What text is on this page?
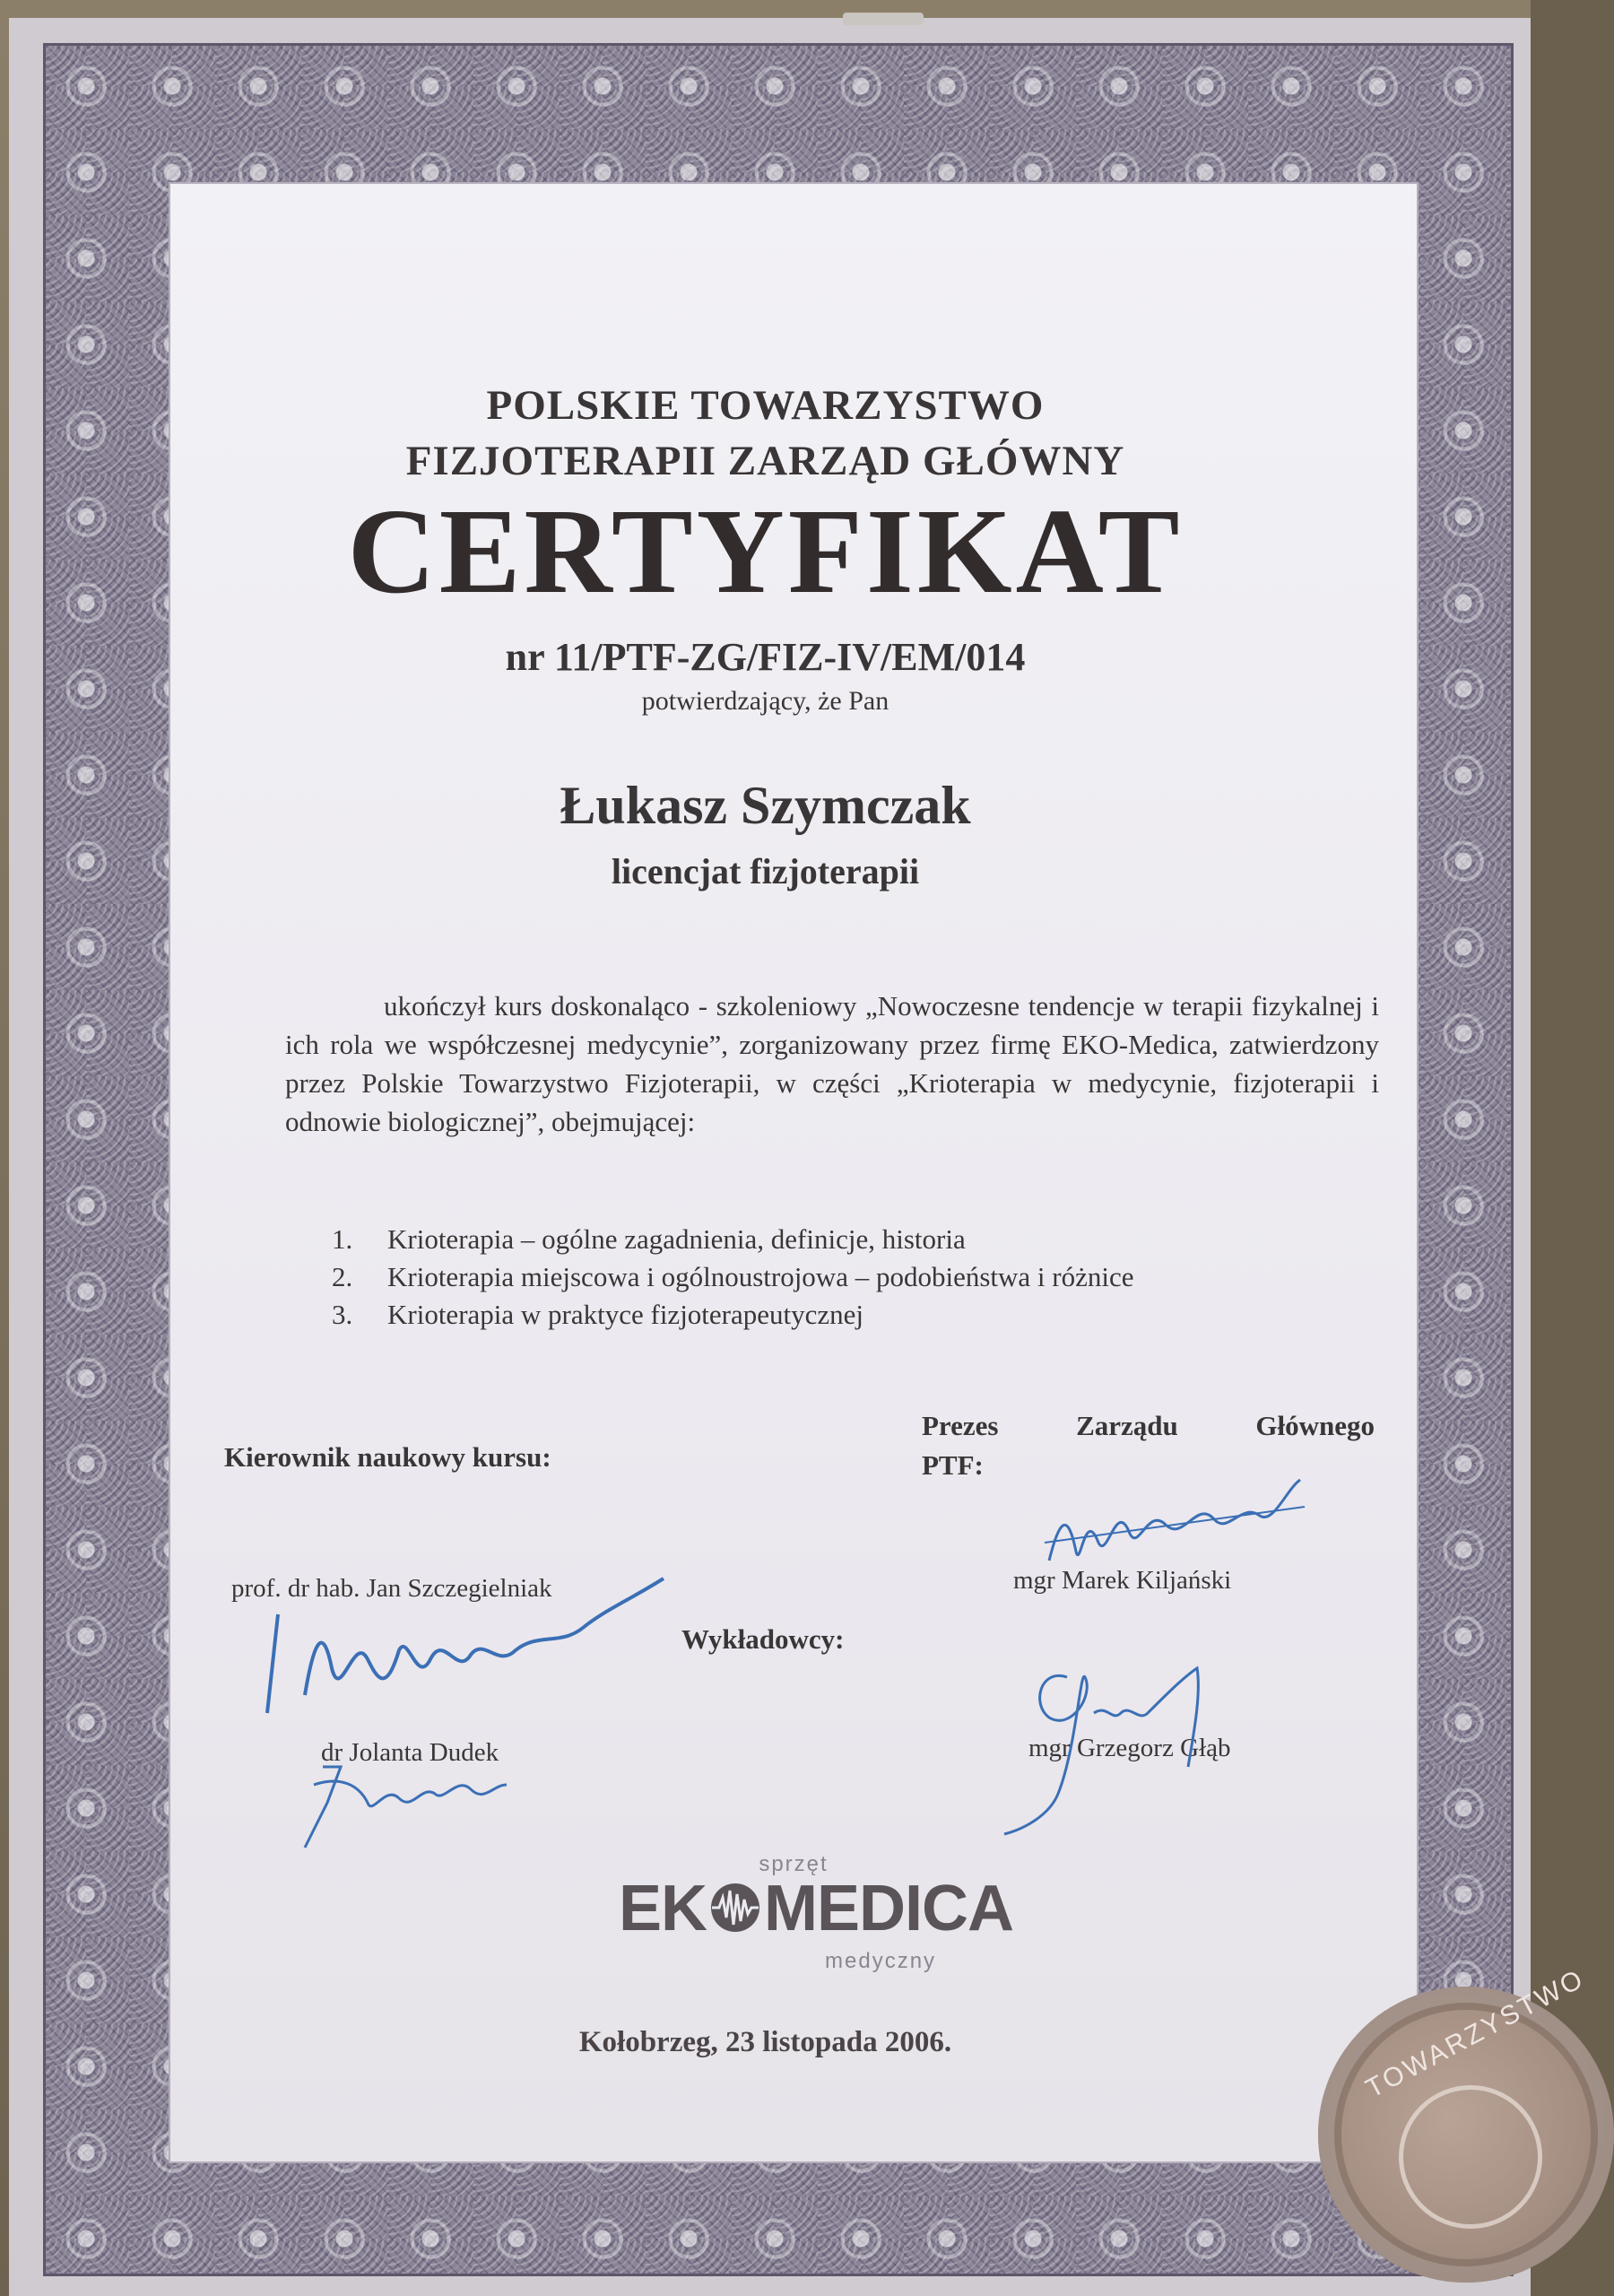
POLSKIE TOWARZYSTWO
FIZJOTERAPII ZARZĄD GŁÓWNY
CERTYFIKAT
nr 11/PTF-ZG/FIZ-IV/EM/014
potwierdzający, że Pan
Łukasz Szymczak
licencjat fizjoterapii
ukończył kurs doskonaląco - szkoleniowy „Nowoczesne tendencje w terapii fizykalnej i ich rola we współczesnej medycynie”, zorganizowany przez firmę EKO-Medica, zatwierdzony przez Polskie Towarzystwo Fizjoterapii, w części „Krioterapia w medycynie, fizjoterapii i odnowie biologicznej”, obejmującej:
1. Krioterapia – ogólne zagadnienia, definicje, historia
2. Krioterapia miejscowa i ogólnoustrojowa – podobieństwa i różnice
3. Krioterapia w praktyce fizjoterapeutycznej
Kierownik naukowy kursu:
Prezes Zarządu Głównego
PTF:
Wykładowcy:
prof. dr hab. Jan Szczegielniak	mgr Marek Kiljański
dr Jolanta Dudek	mgr Grzegorz Głąb
sprzęt
EK MEDICA
medyczny
Kołobrzeg, 23 listopada 2006.	TOWARZYSTWO
